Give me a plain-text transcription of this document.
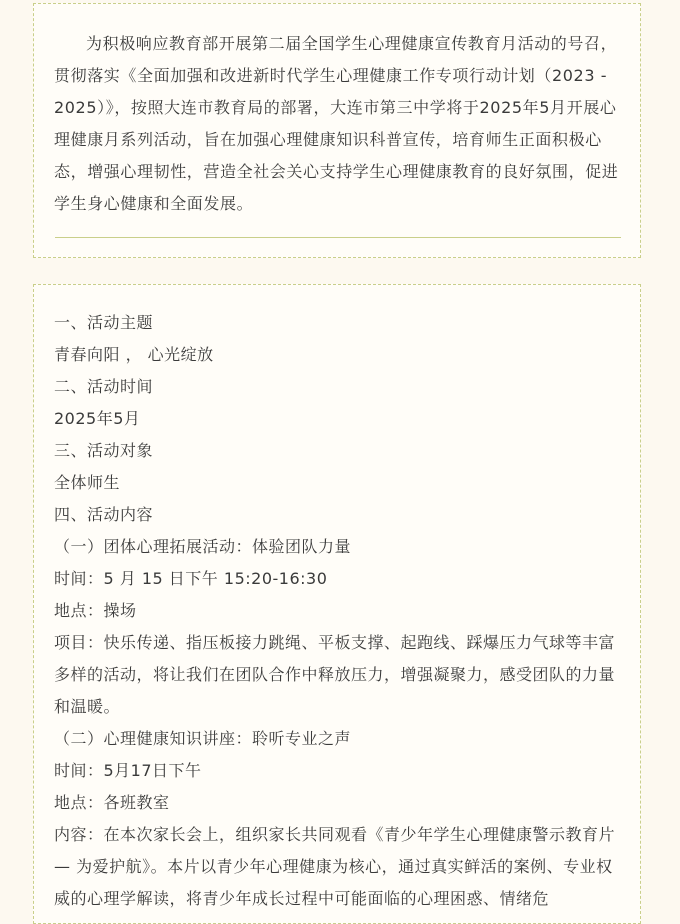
为积极响应教育部开展第二届全国学生心理健康宣传教育月活动的号召，贯彻落实《全面加强和改进新时代学生心理健康工作专项行动计划（2023 - 2025）》，按照大连市教育局的部署，大连市第三中学将于2025年5月开展心理健康月系列活动，旨在加强心理健康知识科普宣传，培育师生正面积极心态，增强心理韧性，营造全社会关心支持学生心理健康教育的良好氛围，促进学生身心健康和全面发展。

一、活动主题

青春向阳 ， 心光绽放

二、活动时间

2025年5月

三、活动对象

全体师生

四、活动内容

（一）团体心理拓展活动：体验团队力量

时间：5 月 15 日下午 15:20-16:30

地点：操场

项目：快乐传递、指压板接力跳绳、平板支撑、起跑线、踩爆压力气球等丰富多样的活动，将让我们在团队合作中释放压力，增强凝聚力，感受团队的力量和温暖。

（二）心理健康知识讲座：聆听专业之声

时间：5月17日下午

地点：各班教室

内容：在本次家长会上，组织家长共同观看《青少年学生心理健康警示教育片 — 为爱护航》。本片以青少年心理健康为核心，通过真实鲜活的案例、专业权威的心理学解读，将青少年成长过程中可能面临的心理困惑、情绪危
